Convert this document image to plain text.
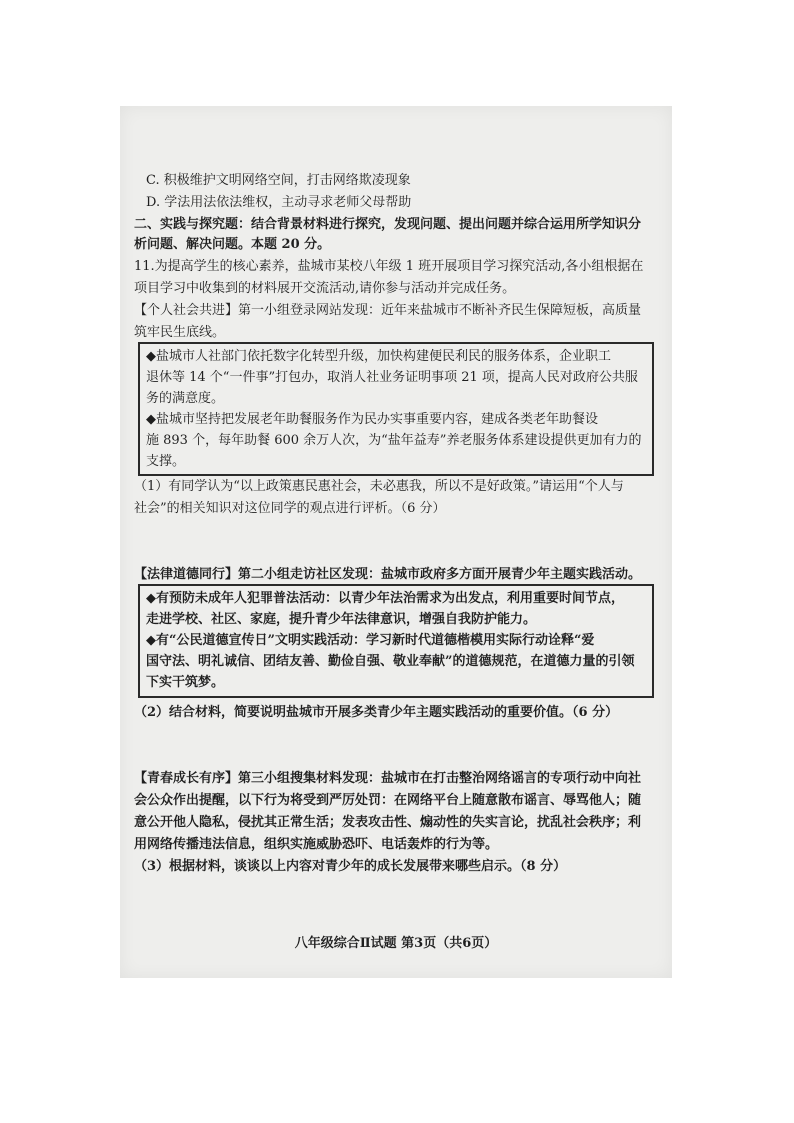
C. 积极维护文明网络空间，打击网络欺凌现象
D. 学法用法依法维权，主动寻求老师父母帮助
二、实践与探究题：结合背景材料进行探究，发现问题、提出问题并综合运用所学知识分
析问题、解决问题。本题 20 分。
11.为提高学生的核心素养，盐城市某校八年级 1 班开展项目学习探究活动,各小组根据在
项目学习中收集到的材料展开交流活动,请你参与活动并完成任务。
【个人社会共进】第一小组登录网站发现：近年来盐城市不断补齐民生保障短板，高质量
筑牢民生底线。
◆盐城市人社部门依托数字化转型升级，加快构建便民利民的服务体系，企业职工
退休等 14 个“一件事”打包办，取消人社业务证明事项 21 项，提高人民对政府公共服
务的满意度。
◆盐城市坚持把发展老年助餐服务作为民办实事重要内容，建成各类老年助餐设
施 893 个，每年助餐 600 余万人次，为“盐年益寿”养老服务体系建设提供更加有力的
支撑。
（1）有同学认为“以上政策惠民惠社会，未必惠我，所以不是好政策。”请运用“个人与
社会”的相关知识对这位同学的观点进行评析。（6 分）
【法律道德同行】第二小组走访社区发现：盐城市政府多方面开展青少年主题实践活动。
◆有预防未成年人犯罪普法活动：以青少年法治需求为出发点，利用重要时间节点，
走进学校、社区、家庭，提升青少年法律意识，增强自我防护能力。
◆有“公民道德宣传日”文明实践活动：学习新时代道德楷模用实际行动诠释“爱
国守法、明礼诚信、团结友善、勤俭自强、敬业奉献”的道德规范，在道德力量的引领
下实干筑梦。
（2）结合材料，简要说明盐城市开展多类青少年主题实践活动的重要价值。（6 分）
【青春成长有序】第三小组搜集材料发现：盐城市在打击整治网络谣言的专项行动中向社
会公众作出提醒，以下行为将受到严厉处罚：在网络平台上随意散布谣言、辱骂他人；随
意公开他人隐私，侵扰其正常生活；发表攻击性、煽动性的失实言论，扰乱社会秩序；利
用网络传播违法信息，组织实施威胁恐吓、电话轰炸的行为等。
（3）根据材料，谈谈以上内容对青少年的成长发展带来哪些启示。（8 分）
八年级综合Ⅱ试题 第3页（共6页）
